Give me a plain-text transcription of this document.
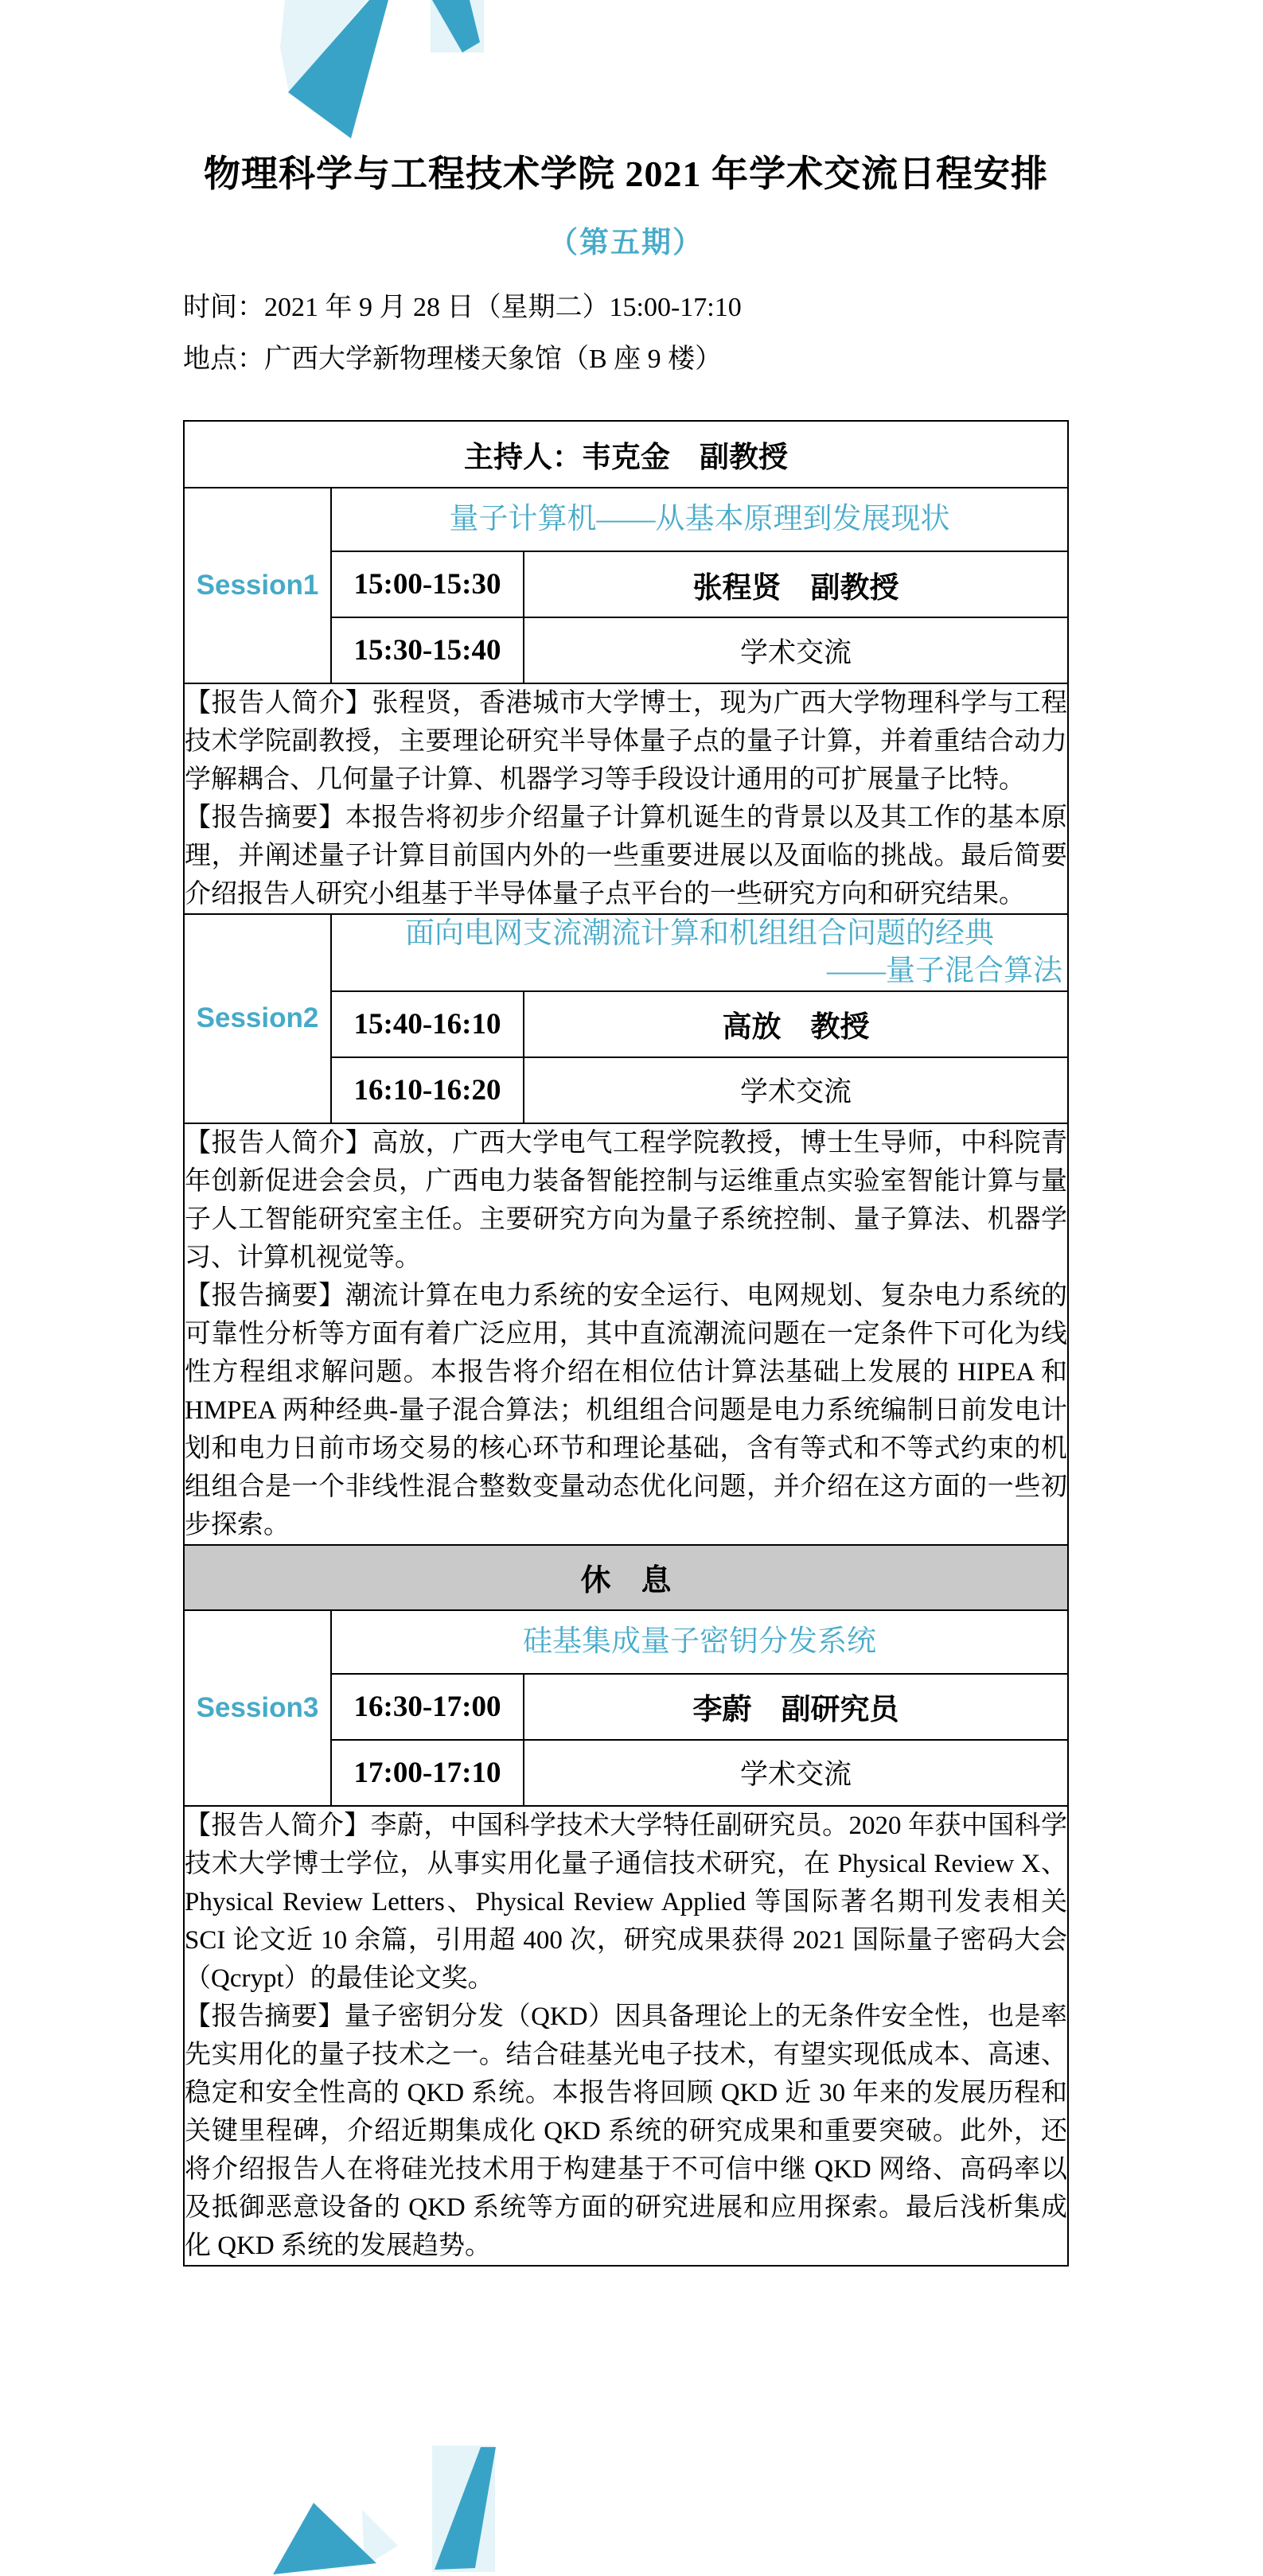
物理科学与工程技术学院 2021 年学术交流日程安排
（第五期）
时间：2021 年 9 月 28 日（星期二）15:00-17:10
地点：广西大学新物理楼天象馆（B 座 9 楼）
主持人：韦克金　副教授		
Session1	量子计算机——从基本原理到发展现状	

	15:00-15:30	张程贤　副教授
	15:30-15:40	学术交流

【报告人简介】张程贤，香港城市大学博士，现为广西大学物理科学与工程技术学院副教授，主要理论研究半导体量子点的量子计算，并着重结合动力学解耦合、几何量子计算、机器学习等手段设计通用的可扩展量子比特。

【报告摘要】本报告将初步介绍量子计算机诞生的背景以及其工作的基本原理，并阐述量子计算目前国内外的一些重要进展以及面临的挑战。最后简要介绍报告人研究小组基于半导体量子点平台的一些研究方向和研究结果。		

Session2	面向电网支流潮流计算和机组组合问题的经典
——量子混合算法	

	15:40-16:10	高放　教授
	16:10-16:20	学术交流

【报告人简介】高放，广西大学电气工程学院教授，博士生导师，中科院青年创新促进会会员，广西电力装备智能控制与运维重点实验室智能计算与量子人工智能研究室主任。主要研究方向为量子系统控制、量子算法、机器学习、计算机视觉等。

【报告摘要】潮流计算在电力系统的安全运行、电网规划、复杂电力系统的可靠性分析等方面有着广泛应用，其中直流潮流问题在一定条件下可化为线性方程组求解问题。本报告将介绍在相位估计算法基础上发展的 HIPEA 和 HMPEA 两种经典-量子混合算法；机组组合问题是电力系统编制日前发电计划和电力日前市场交易的核心环节和理论基础，含有等式和不等式约束的机组组合是一个非线性混合整数变量动态优化问题，并介绍在这方面的一些初步探索。		

休　息		
Session3	硅基集成量子密钥分发系统	

	16:30-17:00	李蔚　副研究员
	17:00-17:10	学术交流

【报告人简介】李蔚，中国科学技术大学特任副研究员。2020 年获中国科学技术大学博士学位，从事实用化量子通信技术研究，在 Physical Review X、Physical Review Letters、Physical Review Applied 等国际著名期刊发表相关 SCI 论文近 10 余篇，引用超 400 次，研究成果获得 2021 国际量子密码大会（Qcrypt）的最佳论文奖。

【报告摘要】量子密钥分发（QKD）因具备理论上的无条件安全性，也是率先实用化的量子技术之一。结合硅基光电子技术，有望实现低成本、高速、稳定和安全性高的 QKD 系统。本报告将回顾 QKD 近 30 年来的发展历程和关键里程碑，介绍近期集成化 QKD 系统的研究成果和重要突破。此外，还将介绍报告人在将硅光技术用于构建基于不可信中继 QKD 网络、高码率以及抵御恶意设备的 QKD 系统等方面的研究进展和应用探索。最后浅析集成化 QKD 系统的发展趋势。		
